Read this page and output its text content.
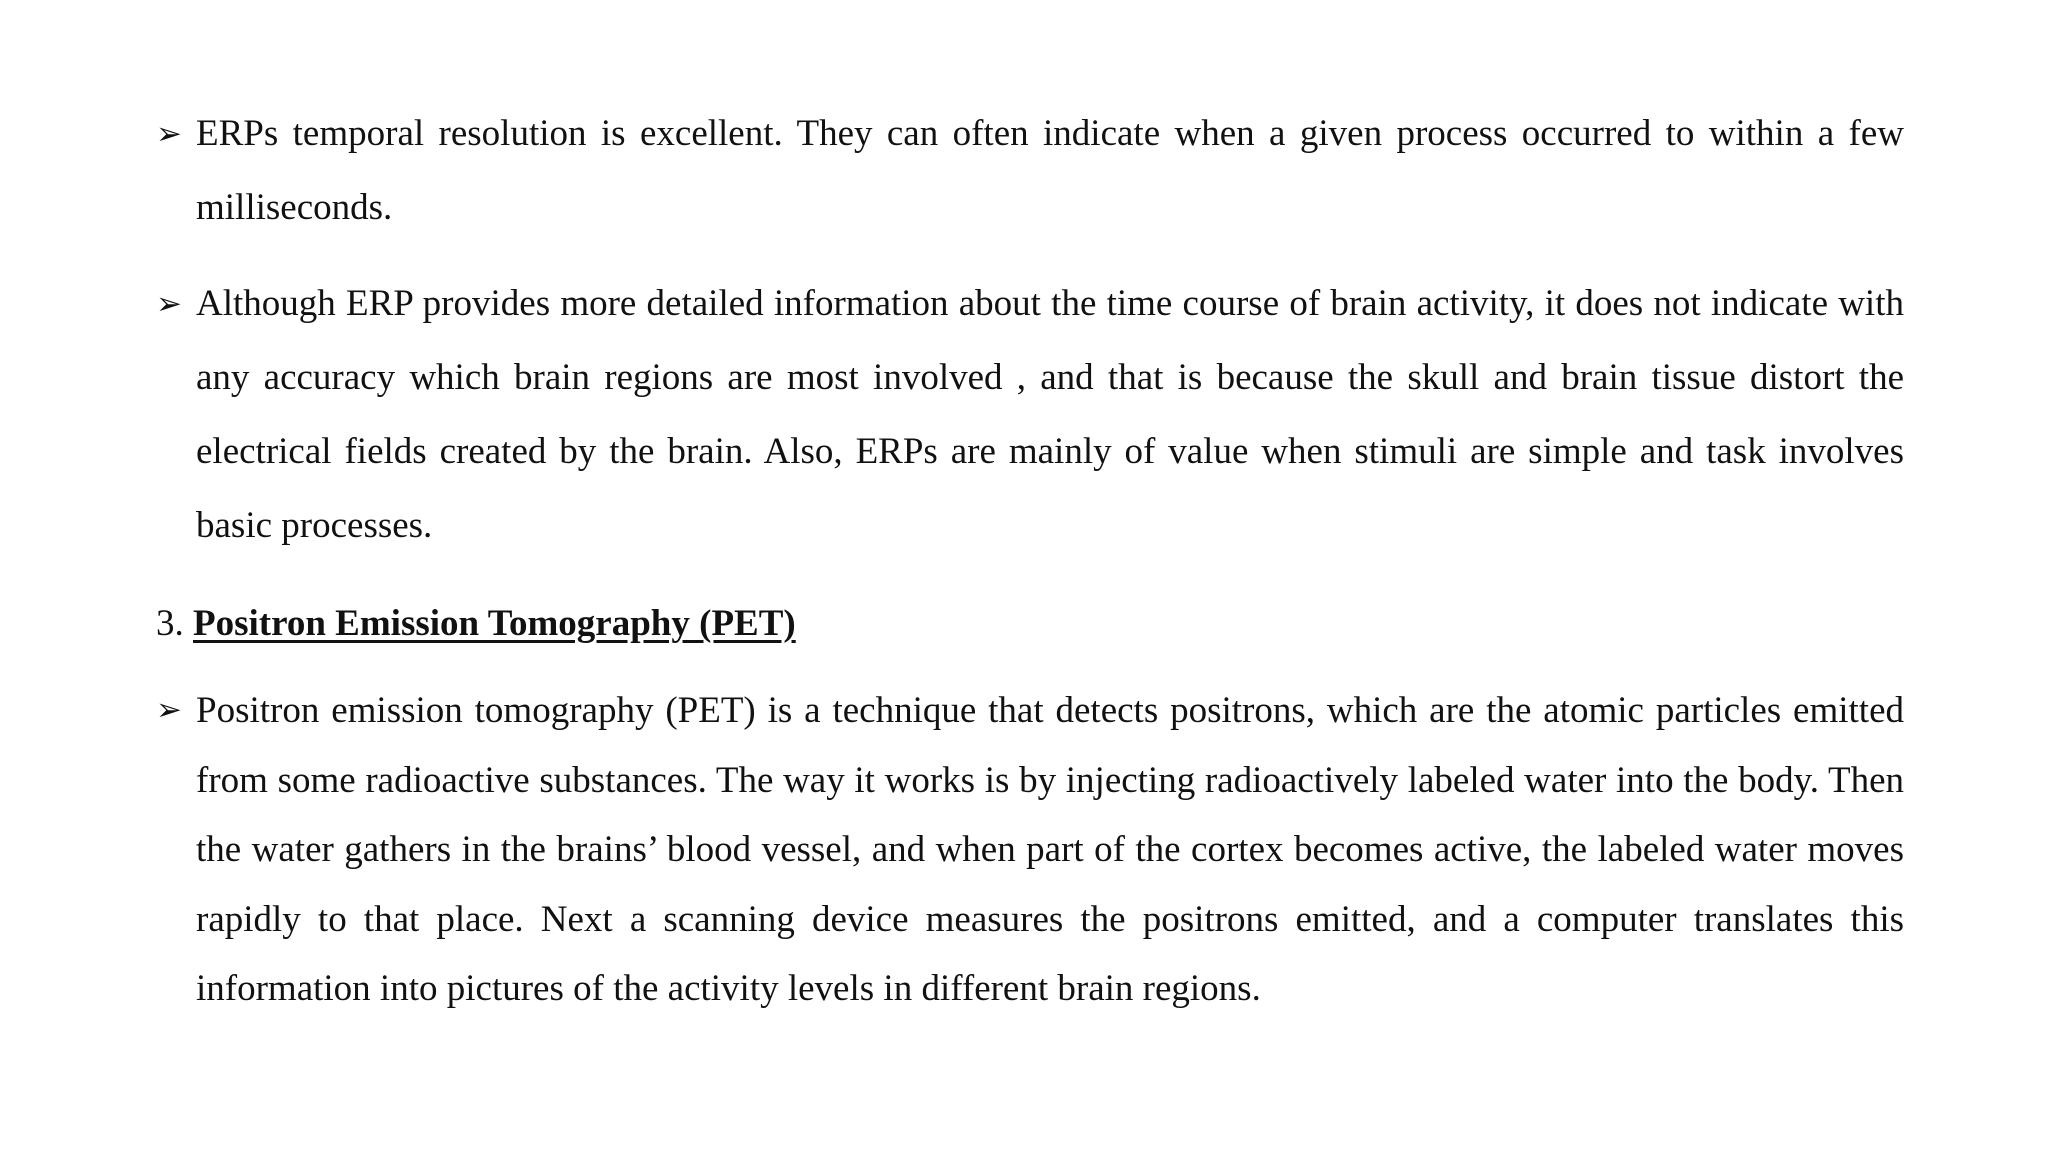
➢ ERPs temporal resolution is excellent. They can often indicate when a given process occurred to within a few milliseconds.

➢ Although ERP provides more detailed information about the time course of brain activity, it does not indicate with any accuracy which brain regions are most involved , and that is because the skull and brain tissue distort the electrical fields created by the brain. Also, ERPs are mainly of value when stimuli are simple and task involves basic processes.

3. Positron Emission Tomography (PET)
➢ Positron emission tomography (PET) is a technique that detects positrons, which are the atomic particles emitted from some radioactive substances. The way it works is by injecting radioactively labeled water into the body. Then the water gathers in the brains’ blood vessel, and when part of the cortex becomes active, the labeled water moves rapidly to that place. Next a scanning device measures the positrons emitted, and a computer translates this information into pictures of the activity levels in different brain regions.
